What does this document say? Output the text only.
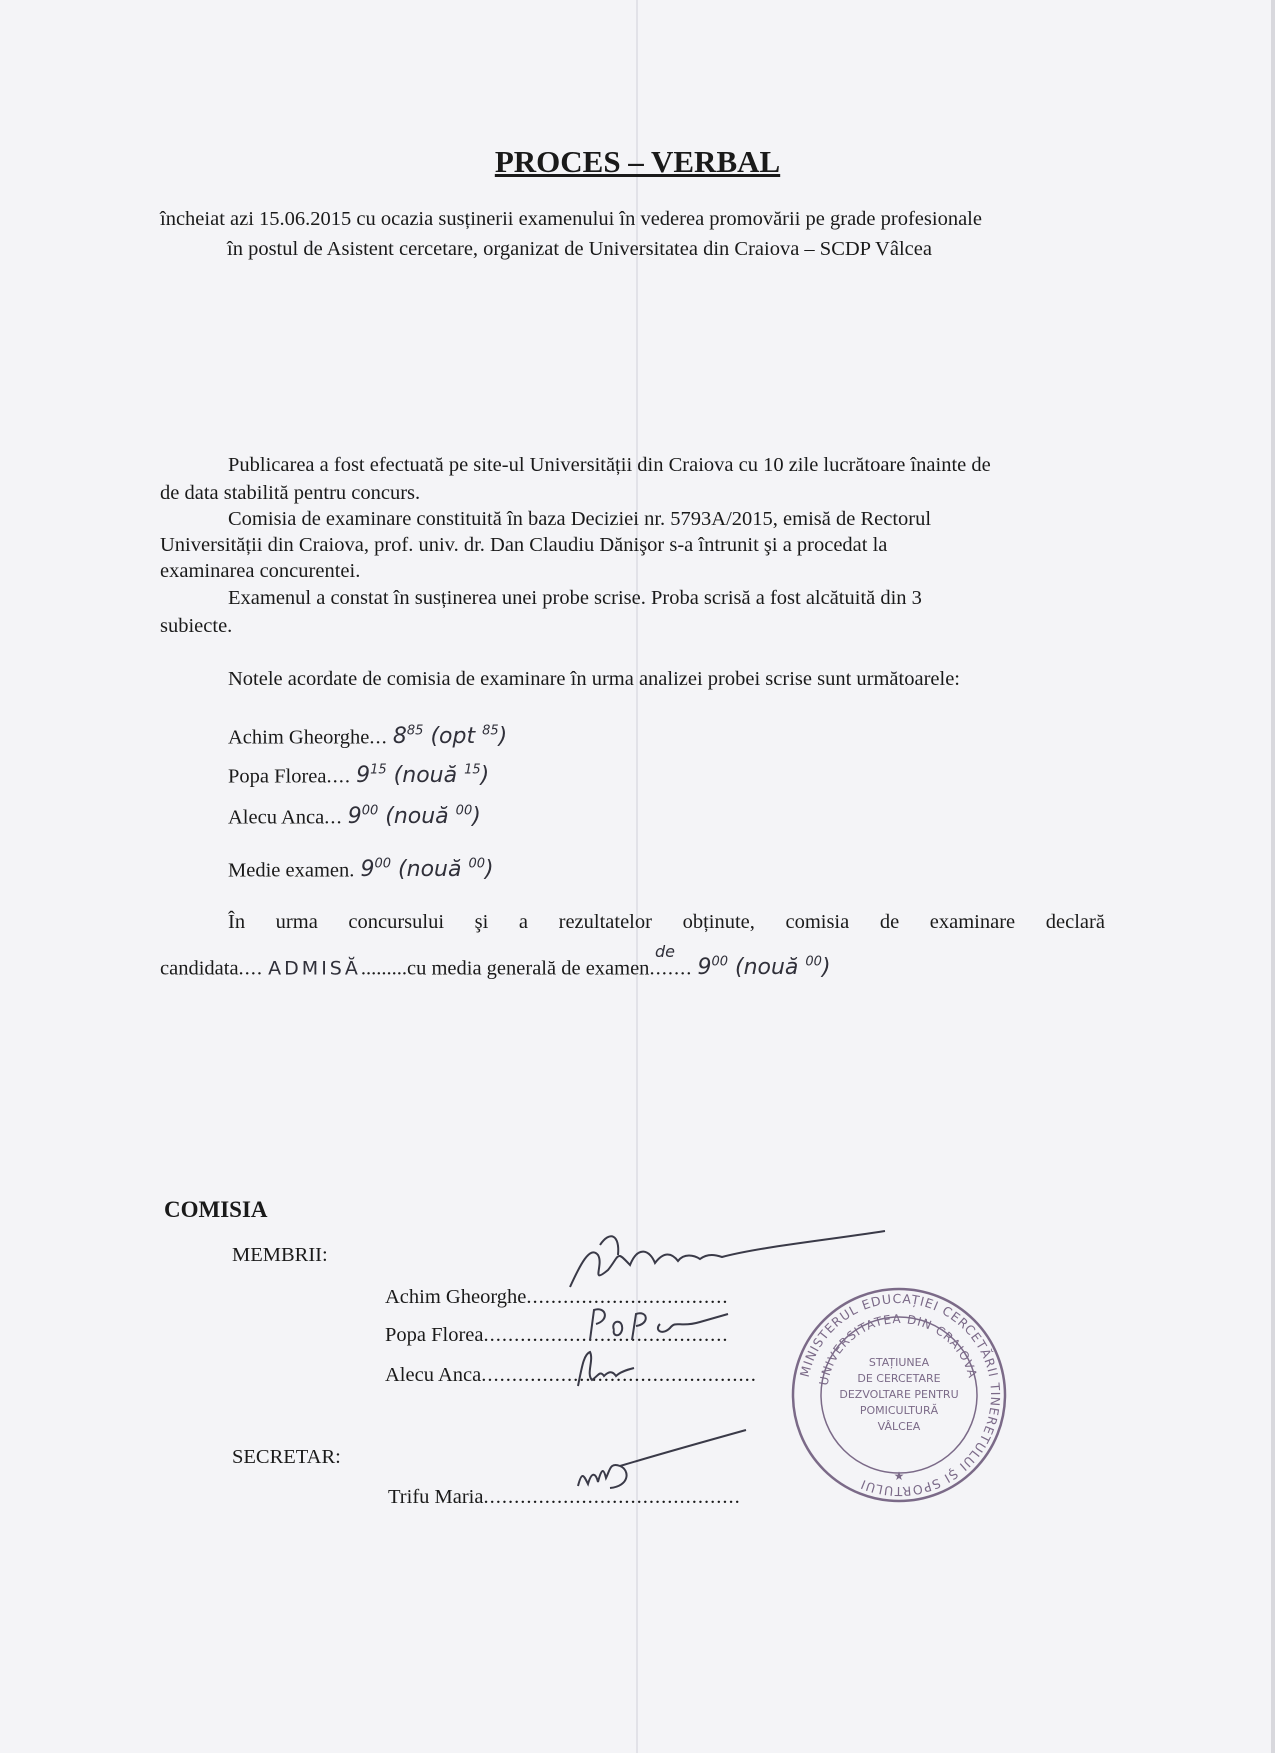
PROCES – VERBAL
încheiat azi 15.06.2015 cu ocazia susținerii examenului în vederea promovării pe grade profesionale
în postul de Asistent cercetare, organizat de Universitatea din Craiova – SCDP Vâlcea
Publicarea a fost efectuată pe site-ul Universității din Craiova cu 10 zile lucrătoare înainte de
de data stabilită pentru concurs.
Comisia de examinare constituită în baza Deciziei nr. 5793A/2015, emisă de Rectorul
Universității din Craiova, prof. univ. dr. Dan Claudiu Dănişor s-a întrunit şi a procedat la
examinarea concurentei.
Examenul a constat în susținerea unei probe scrise. Proba scrisă a fost alcătuită din 3
subiecte.
Notele acordate de comisia de examinare în urma analizei probei scrise sunt următoarele:
Achim Gheorghe... $8^{85}$ (opt $^{85}$)
Popa Florea.... $9^{15}$ (nouă $^{15}$)
Alecu Anca... $9^{00}$ (nouă $^{00}$)
Medie examen. $9^{00}$ (nouă $^{00}$)
În urma concursului şi a rezultatelor obținute, comisia de examinare declară
candidata.... ADMISĂ.........cu media generală de examen....... $9^{00}$ (nouă $^{00}$)
de
COMISIA
MEMBRII:
Achim Gheorghe.................................
Popa Florea........................................
Alecu Anca.............................................
SECRETAR:
Trifu Maria..........................................
MINISTERUL EDUCAȚIEI CERCETĂRII TINERETULUI ŞI SPORTULUI
UNIVERSITATEA DIN CRAIOVA
STAȚIUNEA
DE CERCETARE
DEZVOLTARE PENTRU
POMICULTURĂ
VÂLCEA
★
